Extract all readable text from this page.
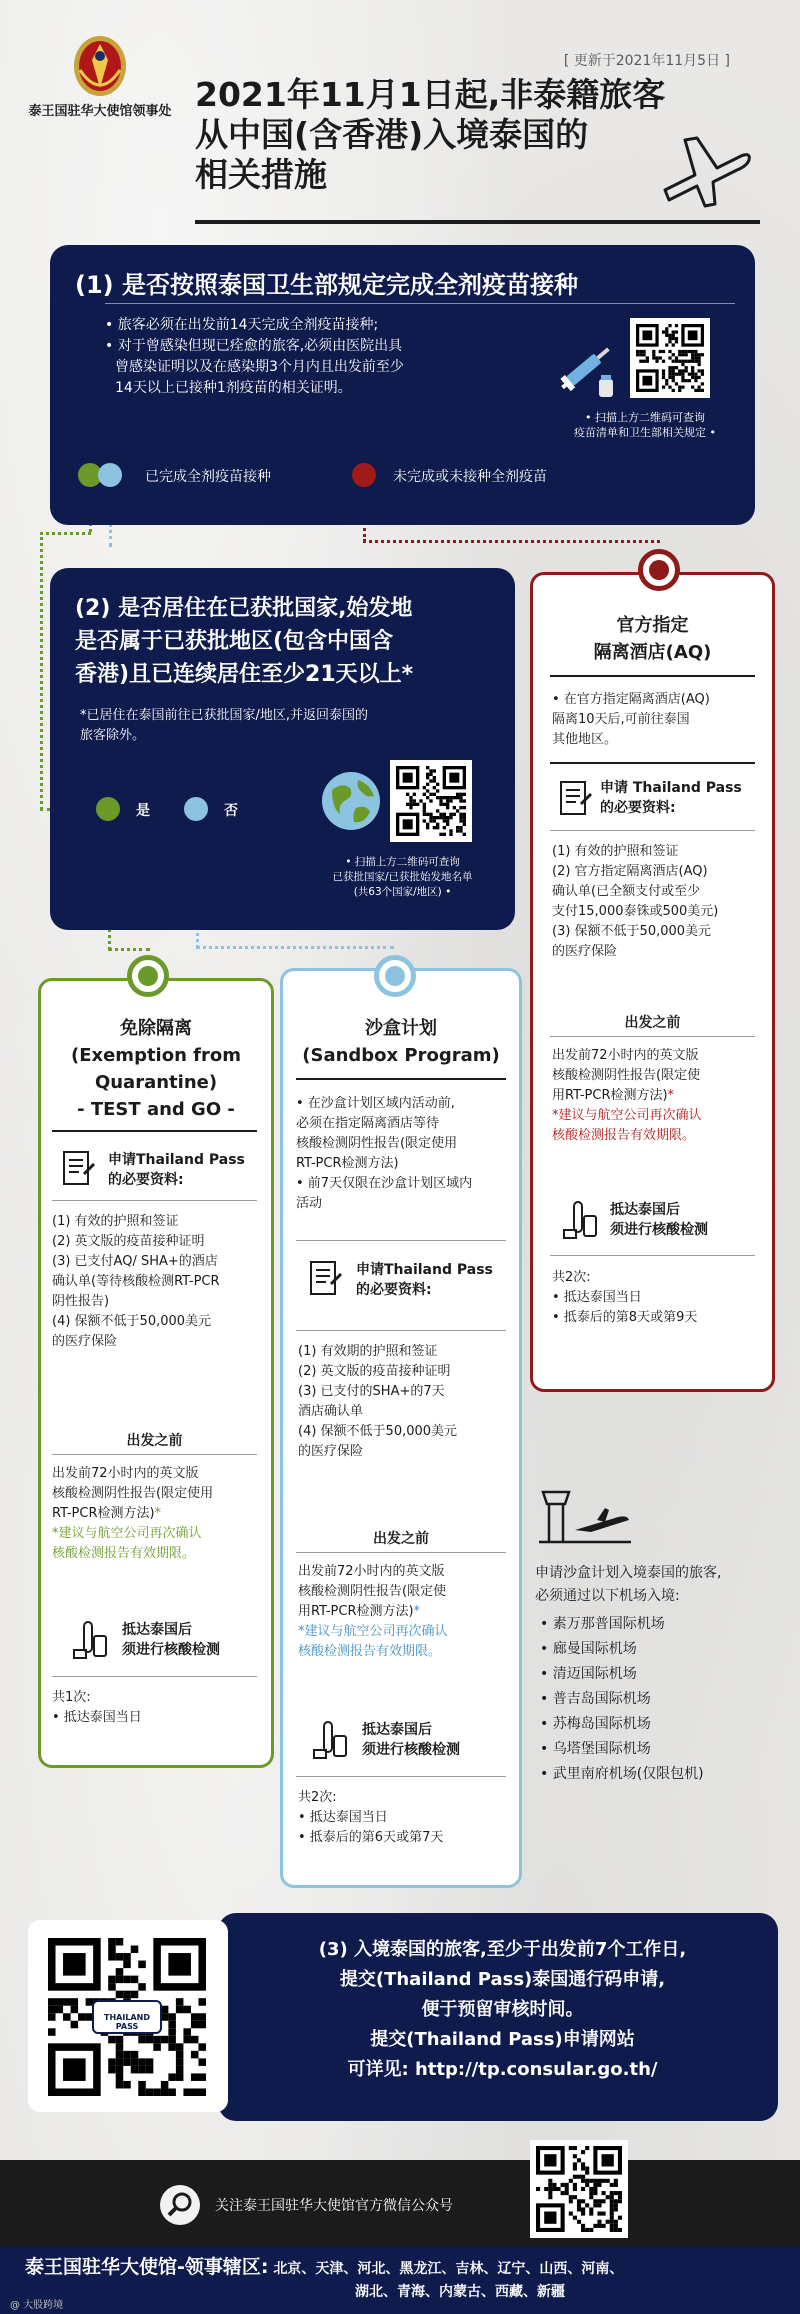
泰王国驻华大使馆领事处
[ 更新于2021年11月5日 ]
2021年11月1日起,非泰籍旅客
从中国(含香港)入境泰国的
相关措施
(1) 是否按照泰国卫生部规定完成全剂疫苗接种
• 旅客必须在出发前14天完成全剂疫苗接种;
• 对于曾感染但现已痊愈的旅客,必须由医院出具
曾感染证明以及在感染期3个月内且出发前至少
14天以上已接种1剂疫苗的相关证明。
• 扫描上方二维码可查询
疫苗清单和卫生部相关规定 •
已完成全剂疫苗接种	未完成或未接种全剂疫苗
(2) 是否居住在已获批国家,始发地
是否属于已获批地区(包含中国含
香港)且已连续居住至少21天以上*
*已居住在泰国前往已获批国家/地区,并返回泰国的
旅客除外。
是	否
• 扫描上方二维码可查询
已获批国家/已获批始发地名单
(共63个国家/地区) •
官方指定
隔离酒店(AQ)
• 在官方指定隔离酒店(AQ)
隔离10天后,可前往泰国
其他地区。
申请 Thailand Pass
的必要资料:
(1) 有效的护照和签证
(2) 官方指定隔离酒店(AQ)
确认单(已全额支付或至少
支付15,000泰铢或500美元)
(3) 保额不低于50,000美元
的医疗保险
出发之前
出发前72小时内的英文版
核酸检测阴性报告(限定使
用RT-PCR检测方法)*
*建议与航空公司再次确认
核酸检测报告有效期限。
抵达泰国后
须进行核酸检测
共2次:
• 抵达泰国当日
• 抵泰后的第8天或第9天
免除隔离
(Exemption from
Quarantine)
- TEST and GO -
申请Thailand Pass
的必要资料:
(1) 有效的护照和签证
(2) 英文版的疫苗接种证明
(3) 已支付AQ/ SHA+的酒店
确认单(等待核酸检测RT-PCR
阴性报告)
(4) 保额不低于50,000美元
的医疗保险
出发之前
出发前72小时内的英文版
核酸检测阴性报告(限定使用
RT-PCR检测方法)*
*建议与航空公司再次确认
核酸检测报告有效期限。
抵达泰国后
须进行核酸检测
共1次:
• 抵达泰国当日
沙盒计划
(Sandbox Program)
• 在沙盒计划区域内活动前,
必须在指定隔离酒店等待
核酸检测阴性报告(限定使用
RT-PCR检测方法)
• 前7天仅限在沙盒计划区域内
活动
申请Thailand Pass
的必要资料:
(1) 有效期的护照和签证
(2) 英文版的疫苗接种证明
(3) 已支付的SHA+的7天
酒店确认单
(4) 保额不低于50,000美元
的医疗保险
出发之前
出发前72小时内的英文版
核酸检测阴性报告(限定使
用RT-PCR检测方法)*
*建议与航空公司再次确认
核酸检测报告有效期限。
抵达泰国后
须进行核酸检测
共2次:
• 抵达泰国当日
• 抵泰后的第6天或第7天
申请沙盒计划入境泰国的旅客,
必须通过以下机场入境:
• 素万那普国际机场
• 廊曼国际机场
• 清迈国际机场
• 普吉岛国际机场
• 苏梅岛国际机场
• 乌塔堡国际机场
• 武里南府机场(仅限包机)
THAILAND PASS
(3) 入境泰国的旅客,至少于出发前7个工作日,
提交(Thailand Pass)泰国通行码申请,
便于预留审核时间。
提交(Thailand Pass)申请网站
可详见: http://tp.consular.go.th/
关注泰王国驻华大使馆官方微信公众号
泰王国驻华大使馆-领事辖区: 北京、天津、河北、黑龙江、吉林、辽宁、山西、河南、
湖北、青海、内蒙古、西藏、新疆
@ 大股跨境
